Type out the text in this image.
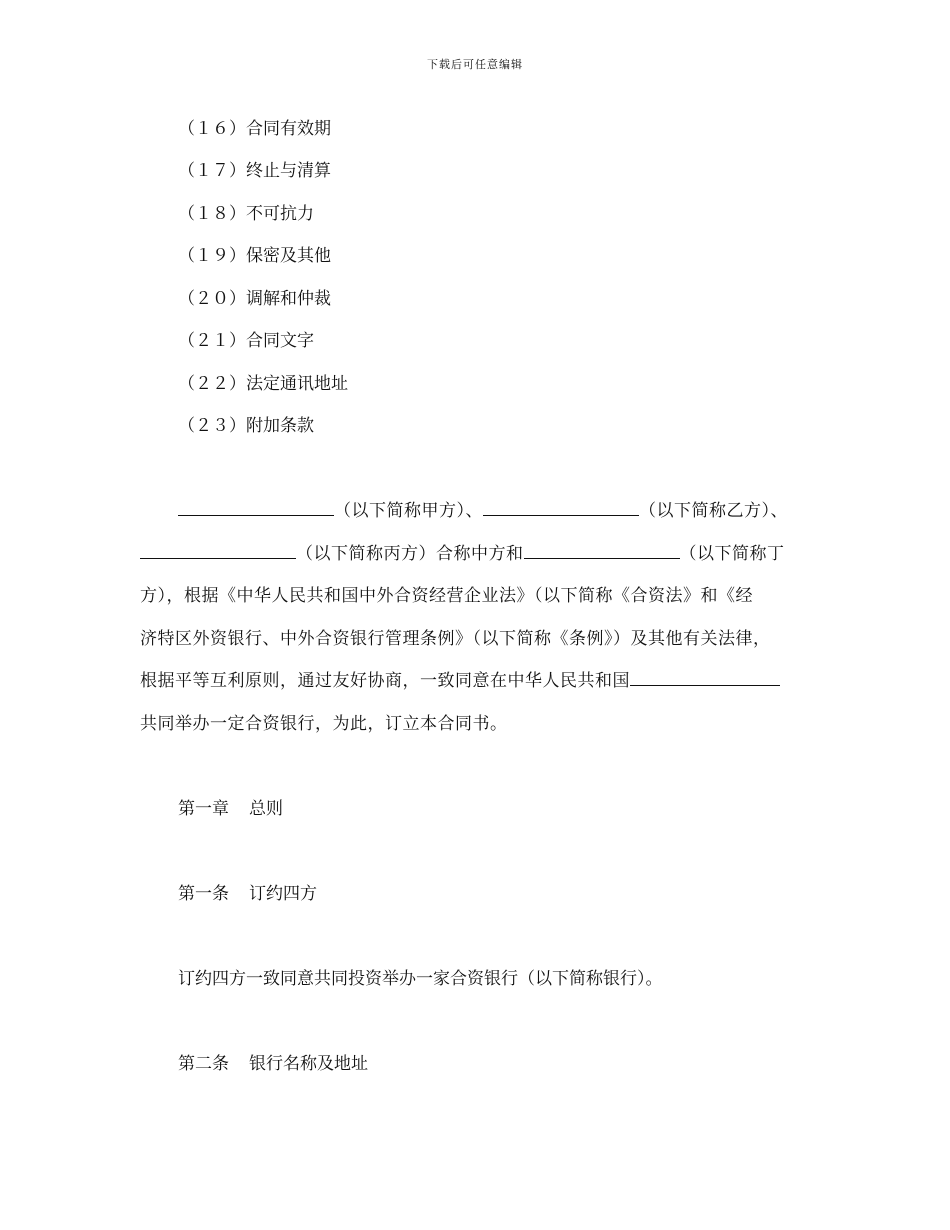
下载后可任意编辑
（１６）合同有效期
（１７）终止与清算
（１８）不可抗力
（１９）保密及其他
（２０）调解和仲裁
（２１）合同文字
（２２）法定通讯地址
（２３）附加条款
（以下简称甲方）、	（以下简称乙方）、
（以下简称丙方）合称中方和	（以下简称丁
方），根据《中华人民共和国中外合资经营企业法》（以下简称《合资法》和《经
济特区外资银行、中外合资银行管理条例》（以下简称《条例》）及其他有关法律，
根据平等互利原则，通过友好协商，一致同意在中华人民共和国
共同举办一定合资银行，为此，订立本合同书。
第一章 总则
第一条 订约四方
订约四方一致同意共同投资举办一家合资银行（以下简称银行）。
第二条 银行名称及地址
